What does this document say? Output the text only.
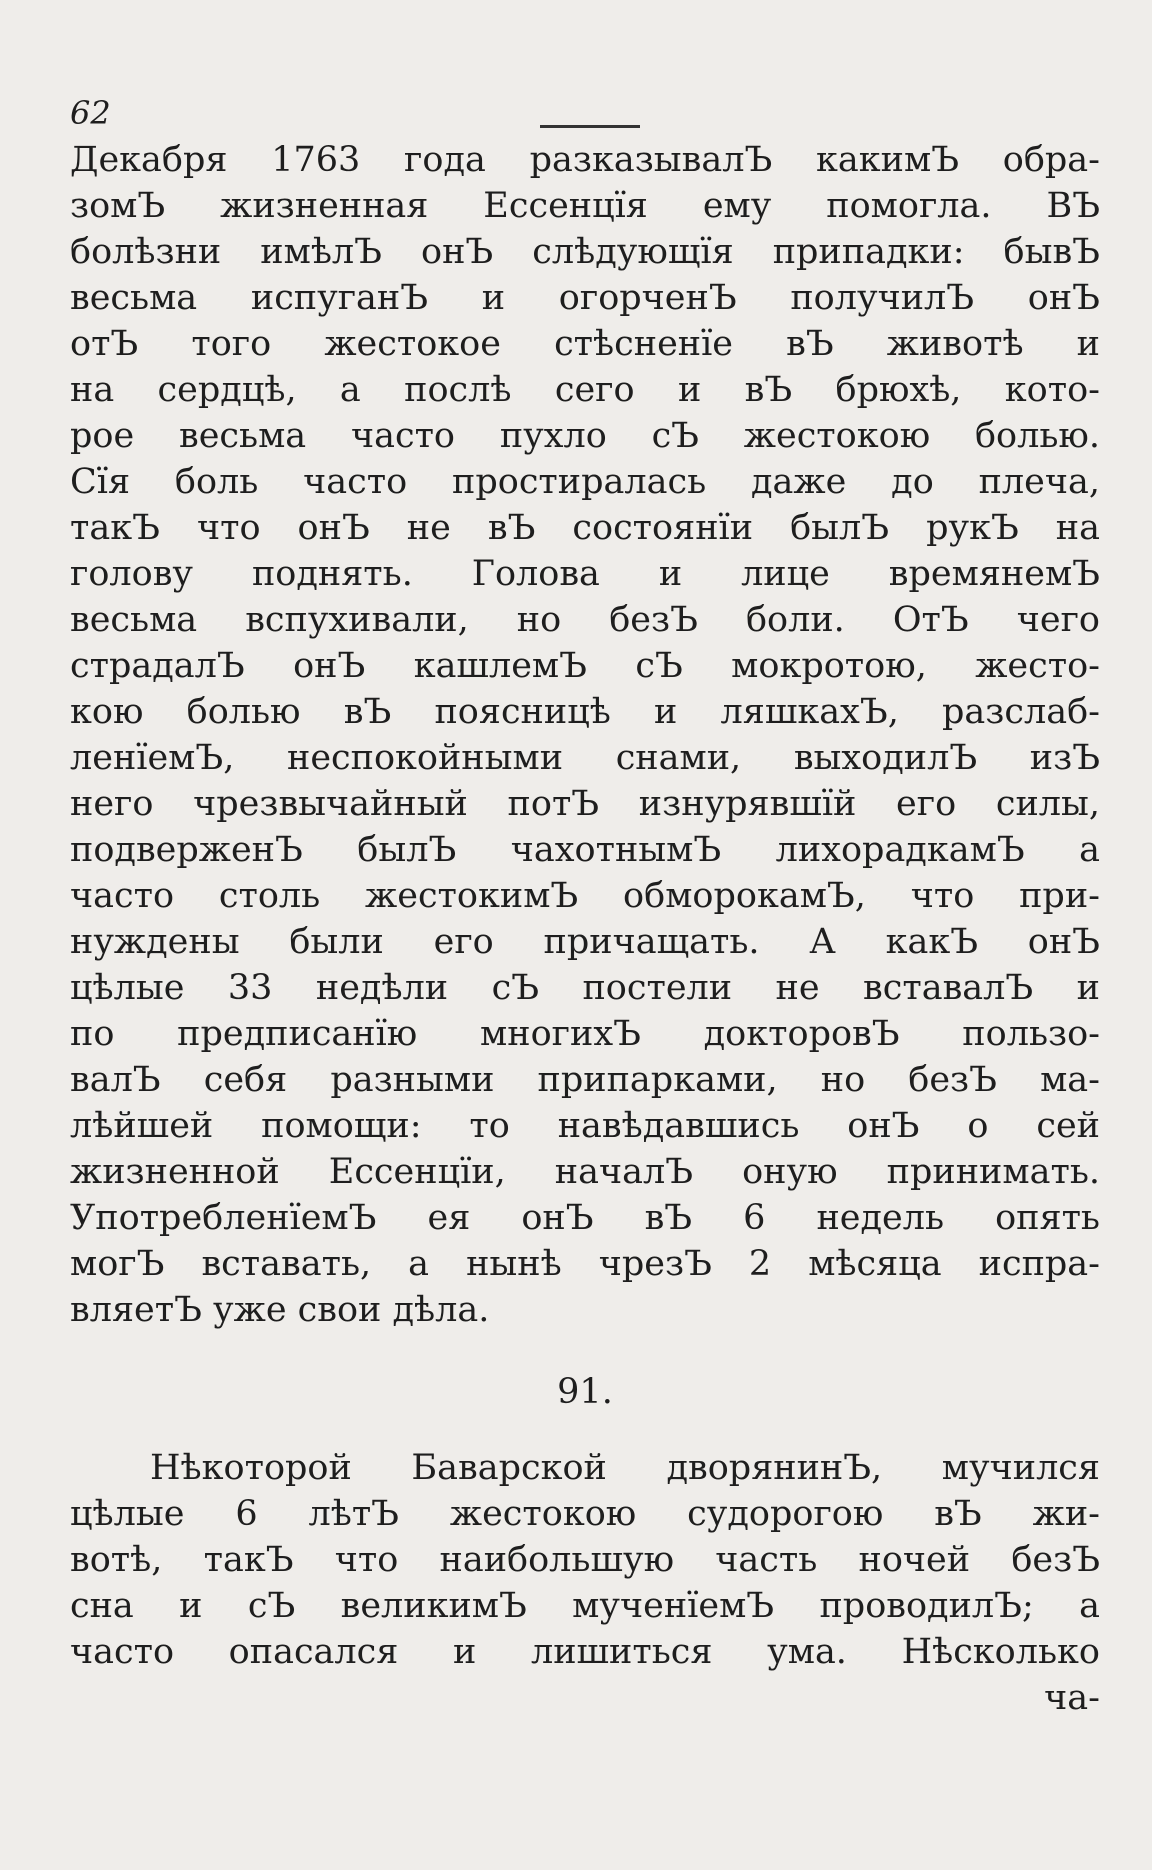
62
Декабря 1763 года разказывалЪ какимЪ обра-
зомЪ жизненная Ессенцїя ему помогла. ВЪ
болѣзни имѣлЪ онЪ слѣдующїя припадки: бывЪ
весьма испуганЪ и огорченЪ получилЪ онЪ
отЪ того жестокое стѣсненїе вЪ животѣ и
на сердцѣ, а послѣ сего и вЪ брюхѣ, кото-
рое весьма часто пухло сЪ жестокою болью.
Сїя боль часто простиралась даже до плеча,
такЪ что онЪ не вЪ состоянїи былЪ рукЪ на
голову поднять. Голова и лице времянемЪ
весьма вспухивали, но безЪ боли. ОтЪ чего
страдалЪ онЪ кашлемЪ сЪ мокротою, жесто-
кою болью вЪ поясницѣ и ляшкахЪ, разслаб-
ленїемЪ, неспокойными снами, выходилЪ изЪ
него чрезвычайный потЪ изнурявшїй его силы,
подверженЪ былЪ чахотнымЪ лихорадкамЪ а
часто столь жестокимЪ обморокамЪ, что при-
нуждены были его причащать. А какЪ онЪ
цѣлые 33 недѣли сЪ постели не вставалЪ и
по предписанїю многихЪ докторовЪ пользо-
валЪ себя разными припарками, но безЪ ма-
лѣйшей помощи: то навѣдавшись онЪ о сей
жизненной Ессенцїи, началЪ оную принимать.
УпотребленїемЪ ея онЪ вЪ 6 недель опять
могЪ вставать, а нынѣ чрезЪ 2 мѣсяца испра-
вляетЪ уже свои дѣла.
91.
Нѣкоторой Баварской дворянинЪ, мучился
цѣлые 6 лѣтЪ жестокою судорогою вЪ жи-
вотѣ, такЪ что наибольшую часть ночей безЪ
сна и сЪ великимЪ мученїемЪ проводилЪ; а
часто опасался и лишиться ума. Нѣсколько
ча-
